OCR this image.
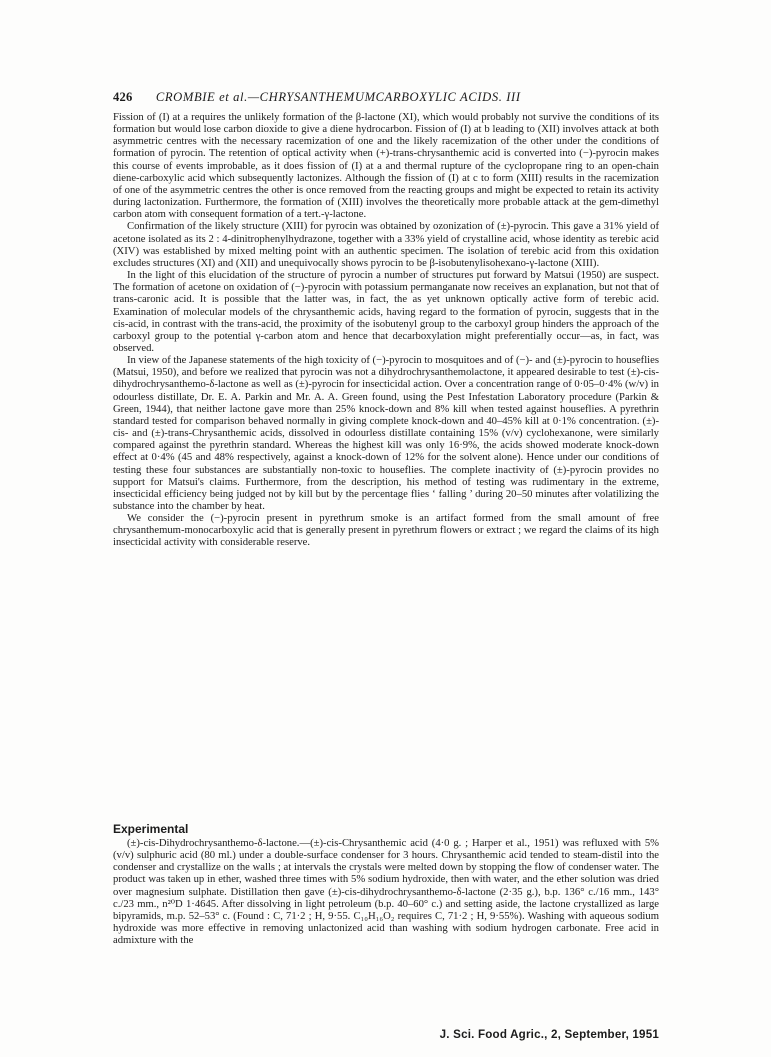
426 CROMBIE et al.—CHRYSANTHEMUMCARBOXYLIC ACIDS. III

Fission of (I) at a requires the unlikely formation of the β-lactone (XI), which would probably not survive the conditions of its formation but would lose carbon dioxide to give a diene hydrocarbon. Fission of (I) at b leading to (XII) involves attack at both asymmetric centres with the necessary racemization of one and the likely racemization of the other under the conditions of formation of pyrocin. The retention of optical activity when (+)-trans-chrysanthemic acid is converted into (−)-pyrocin makes this course of events improbable, as it does fission of (I) at a and thermal rupture of the cyclopropane ring to an open-chain diene-carboxylic acid which subsequently lactonizes. Although the fission of (I) at c to form (XIII) results in the racemization of one of the asymmetric centres the other is once removed from the reacting groups and might be expected to retain its activity during lactonization. Furthermore, the formation of (XIII) involves the theoretically more probable attack at the gem-dimethyl carbon atom with consequent formation of a tert.-γ-lactone.

Confirmation of the likely structure (XIII) for pyrocin was obtained by ozonization of (±)-pyrocin. This gave a 31% yield of acetone isolated as its 2 : 4-dinitrophenylhydrazone, together with a 33% yield of crystalline acid, whose identity as terebic acid (XIV) was established by mixed melting point with an authentic specimen. The isolation of terebic acid from this oxidation excludes structures (XI) and (XII) and unequivocally shows pyrocin to be β-isobutenylisohexano-γ-lactone (XIII).

In the light of this elucidation of the structure of pyrocin a number of structures put forward by Matsui (1950) are suspect. The formation of acetone on oxidation of (−)-pyrocin with potassium permanganate now receives an explanation, but not that of trans-caronic acid. It is possible that the latter was, in fact, the as yet unknown optically active form of terebic acid. Examination of molecular models of the chrysanthemic acids, having regard to the formation of pyrocin, suggests that in the cis-acid, in contrast with the trans-acid, the proximity of the isobutenyl group to the carboxyl group hinders the approach of the carboxyl group to the potential γ-carbon atom and hence that decarboxylation might preferentially occur—as, in fact, was observed.

In view of the Japanese statements of the high toxicity of (−)-pyrocin to mosquitoes and of (−)- and (±)-pyrocin to houseflies (Matsui, 1950), and before we realized that pyrocin was not a dihydrochrysanthemolactone, it appeared desirable to test (±)-cis-dihydrochrysanthemo-δ-lactone as well as (±)-pyrocin for insecticidal action. Over a concentration range of 0·05–0·4% (w/v) in odourless distillate, Dr. E. A. Parkin and Mr. A. A. Green found, using the Pest Infestation Laboratory procedure (Parkin & Green, 1944), that neither lactone gave more than 25% knock-down and 8% kill when tested against houseflies. A pyrethrin standard tested for comparison behaved normally in giving complete knock-down and 40–45% kill at 0·1% concentration. (±)-cis- and (±)-trans-Chrysanthemic acids, dissolved in odourless distillate containing 15% (v/v) cyclohexanone, were similarly compared against the pyrethrin standard. Whereas the highest kill was only 16·9%, the acids showed moderate knock-down effect at 0·4% (45 and 48% respectively, against a knock-down of 12% for the solvent alone). Hence under our conditions of testing these four substances are substantially non-toxic to houseflies. The complete inactivity of (±)-pyrocin provides no support for Matsui's claims. Furthermore, from the description, his method of testing was rudimentary in the extreme, insecticidal efficiency being judged not by kill but by the percentage flies ‘ falling ’ during 20–50 minutes after volatilizing the substance into the chamber by heat.

We consider the (−)-pyrocin present in pyrethrum smoke is an artifact formed from the small amount of free chrysanthemum-monocarboxylic acid that is generally present in pyrethrum flowers or extract ; we regard the claims of its high insecticidal activity with considerable reserve.

Experimental

(±)-cis-Dihydrochrysanthemo-δ-lactone.—(±)-cis-Chrysanthemic acid (4·0 g. ; Harper et al., 1951) was refluxed with 5% (v/v) sulphuric acid (80 ml.) under a double-surface condenser for 3 hours. Chrysanthemic acid tended to steam-distil into the condenser and crystallize on the walls ; at intervals the crystals were melted down by stopping the flow of condenser water. The product was taken up in ether, washed three times with 5% sodium hydroxide, then with water, and the ether solution was dried over magnesium sulphate. Distillation then gave (±)-cis-dihydrochrysanthemo-δ-lactone (2·35 g.), b.p. 136° c./16 mm., 143° c./23 mm., n²⁰D 1·4645. After dissolving in light petroleum (b.p. 40–60° c.) and setting aside, the lactone crystallized as large bipyramids, m.p. 52–53° c. (Found : C, 71·2 ; H, 9·55. C₁₀H₁₆O₂ requires C, 71·2 ; H, 9·55%). Washing with aqueous sodium hydroxide was more effective in removing unlactonized acid than washing with sodium hydrogen carbonate. Free acid in admixture with the

J. Sci. Food Agric., 2, September, 1951
